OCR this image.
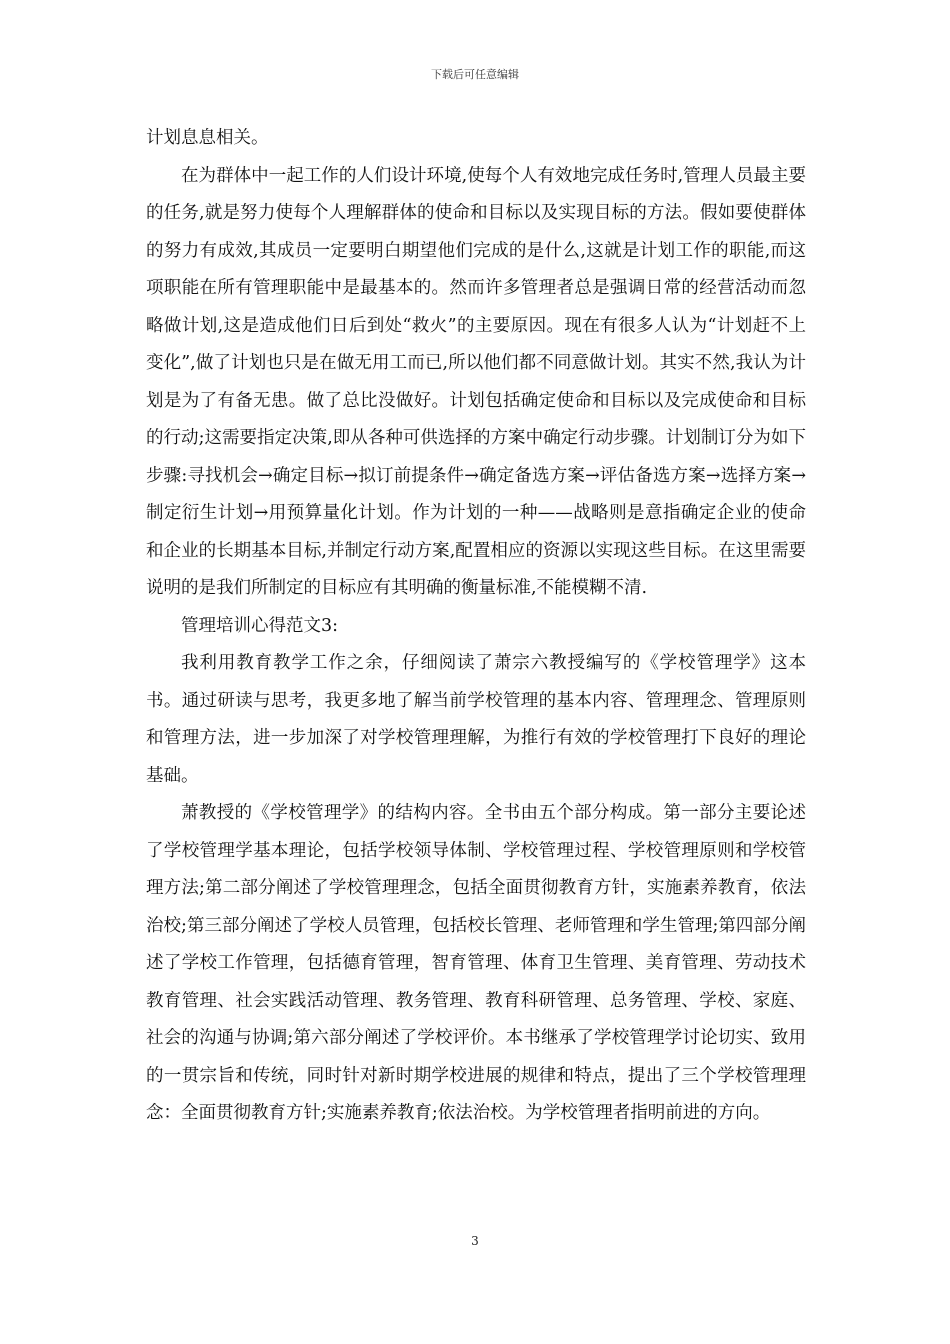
下载后可任意编辑

计划息息相关。

在为群体中一起工作的人们设计环境,使每个人有效地完成任务时,管理人员最主要的任务,就是努力使每个人理解群体的使命和目标以及实现目标的方法。假如要使群体的努力有成效,其成员一定要明白期望他们完成的是什么,这就是计划工作的职能,而这项职能在所有管理职能中是最基本的。然而许多管理者总是强调日常的经营活动而忽略做计划,这是造成他们日后到处“救火”的主要原因。现在有很多人认为“计划赶不上变化”,做了计划也只是在做无用工而已,所以他们都不同意做计划。其实不然,我认为计划是为了有备无患。做了总比没做好。计划包括确定使命和目标以及完成使命和目标的行动;这需要指定决策,即从各种可供选择的方案中确定行动步骤。计划制订分为如下步骤:寻找机会→确定目标→拟订前提条件→确定备选方案→评估备选方案→选择方案→制定衍生计划→用预算量化计划。作为计划的一种——战略则是意指确定企业的使命和企业的长期基本目标,并制定行动方案,配置相应的资源以实现这些目标。在这里需要说明的是我们所制定的目标应有其明确的衡量标准,不能模糊不清.

管理培训心得范文3:

我利用教育教学工作之余，仔细阅读了萧宗六教授编写的《学校管理学》这本书。通过研读与思考，我更多地了解当前学校管理的基本内容、管理理念、管理原则和管理方法，进一步加深了对学校管理理解，为推行有效的学校管理打下良好的理论基础。

萧教授的《学校管理学》的结构内容。全书由五个部分构成。第一部分主要论述了学校管理学基本理论，包括学校领导体制、学校管理过程、学校管理原则和学校管理方法;第二部分阐述了学校管理理念，包括全面贯彻教育方针，实施素养教育，依法治校;第三部分阐述了学校人员管理，包括校长管理、老师管理和学生管理;第四部分阐述了学校工作管理，包括德育管理，智育管理、体育卫生管理、美育管理、劳动技术教育管理、社会实践活动管理、教务管理、教育科研管理、总务管理、学校、家庭、社会的沟通与协调;第六部分阐述了学校评价。本书继承了学校管理学讨论切实、致用的一贯宗旨和传统，同时针对新时期学校进展的规律和特点，提出了三个学校管理理念：全面贯彻教育方针;实施素养教育;依法治校。为学校管理者指明前进的方向。

3
